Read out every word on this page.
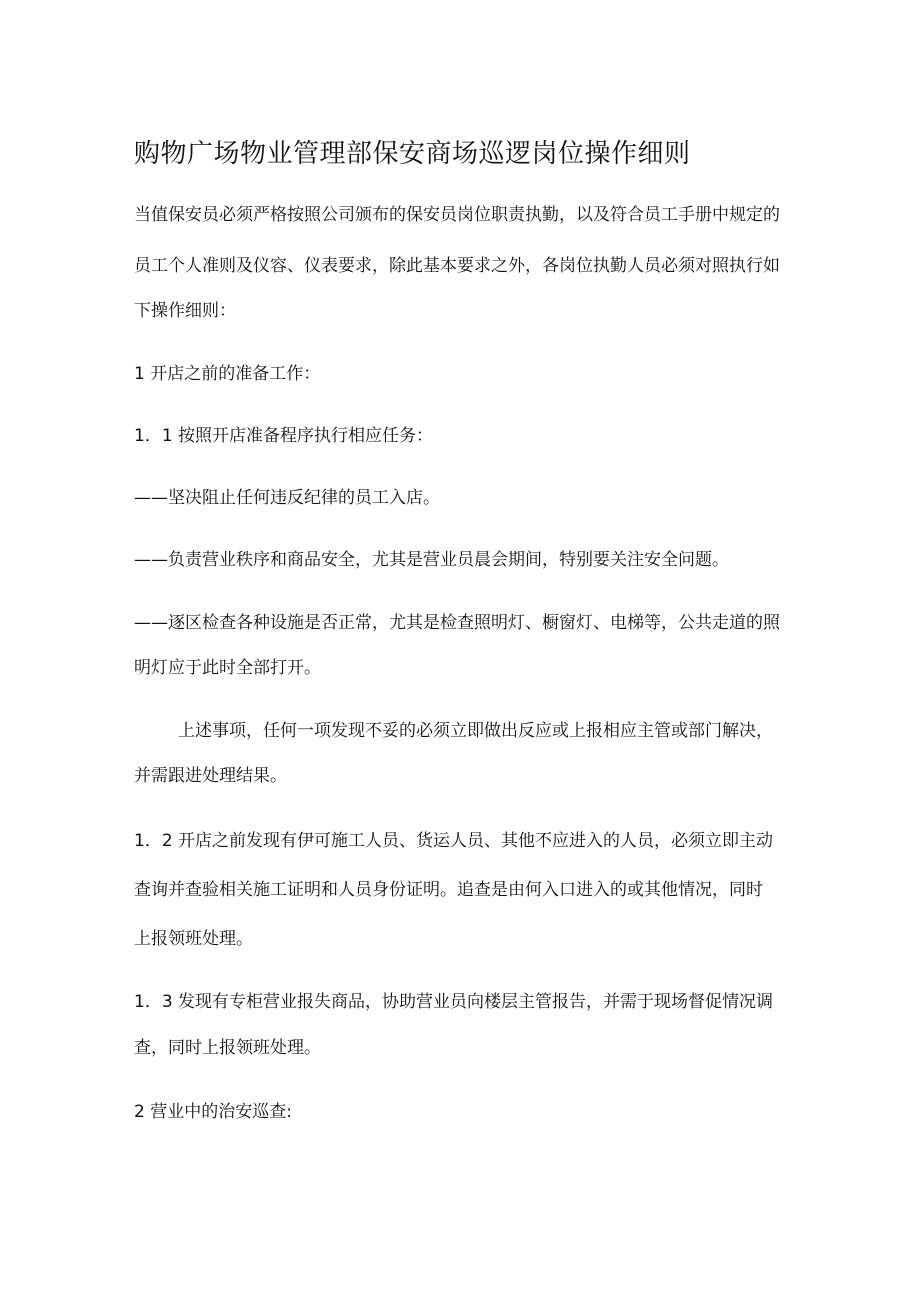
购物广场物业管理部保安商场巡逻岗位操作细则

当值保安员必须严格按照公司颁布的保安员岗位职责执勤，以及符合员工手册中规定的

员工个人准则及仪容、仪表要求，除此基本要求之外，各岗位执勤人员必须对照执行如

下操作细则：

1 开店之前的准备工作：

1．1 按照开店准备程序执行相应任务：

——坚决阻止任何违反纪律的员工入店。

——负责营业秩序和商品安全，尤其是营业员晨会期间，特别要关注安全问题。

——逐区检查各种设施是否正常，尤其是检查照明灯、橱窗灯、电梯等，公共走道的照

明灯应于此时全部打开。

上述事项，任何一项发现不妥的必须立即做出反应或上报相应主管或部门解决，

并需跟进处理结果。

1．2 开店之前发现有伊可施工人员、货运人员、其他不应进入的人员，必须立即主动

查询并查验相关施工证明和人员身份证明。追查是由何入口进入的或其他情况，同时

上报领班处理。

1．3 发现有专柜营业报失商品，协助营业员向楼层主管报告，并需于现场督促情况调

查，同时上报领班处理。

2 营业中的治安巡查:
